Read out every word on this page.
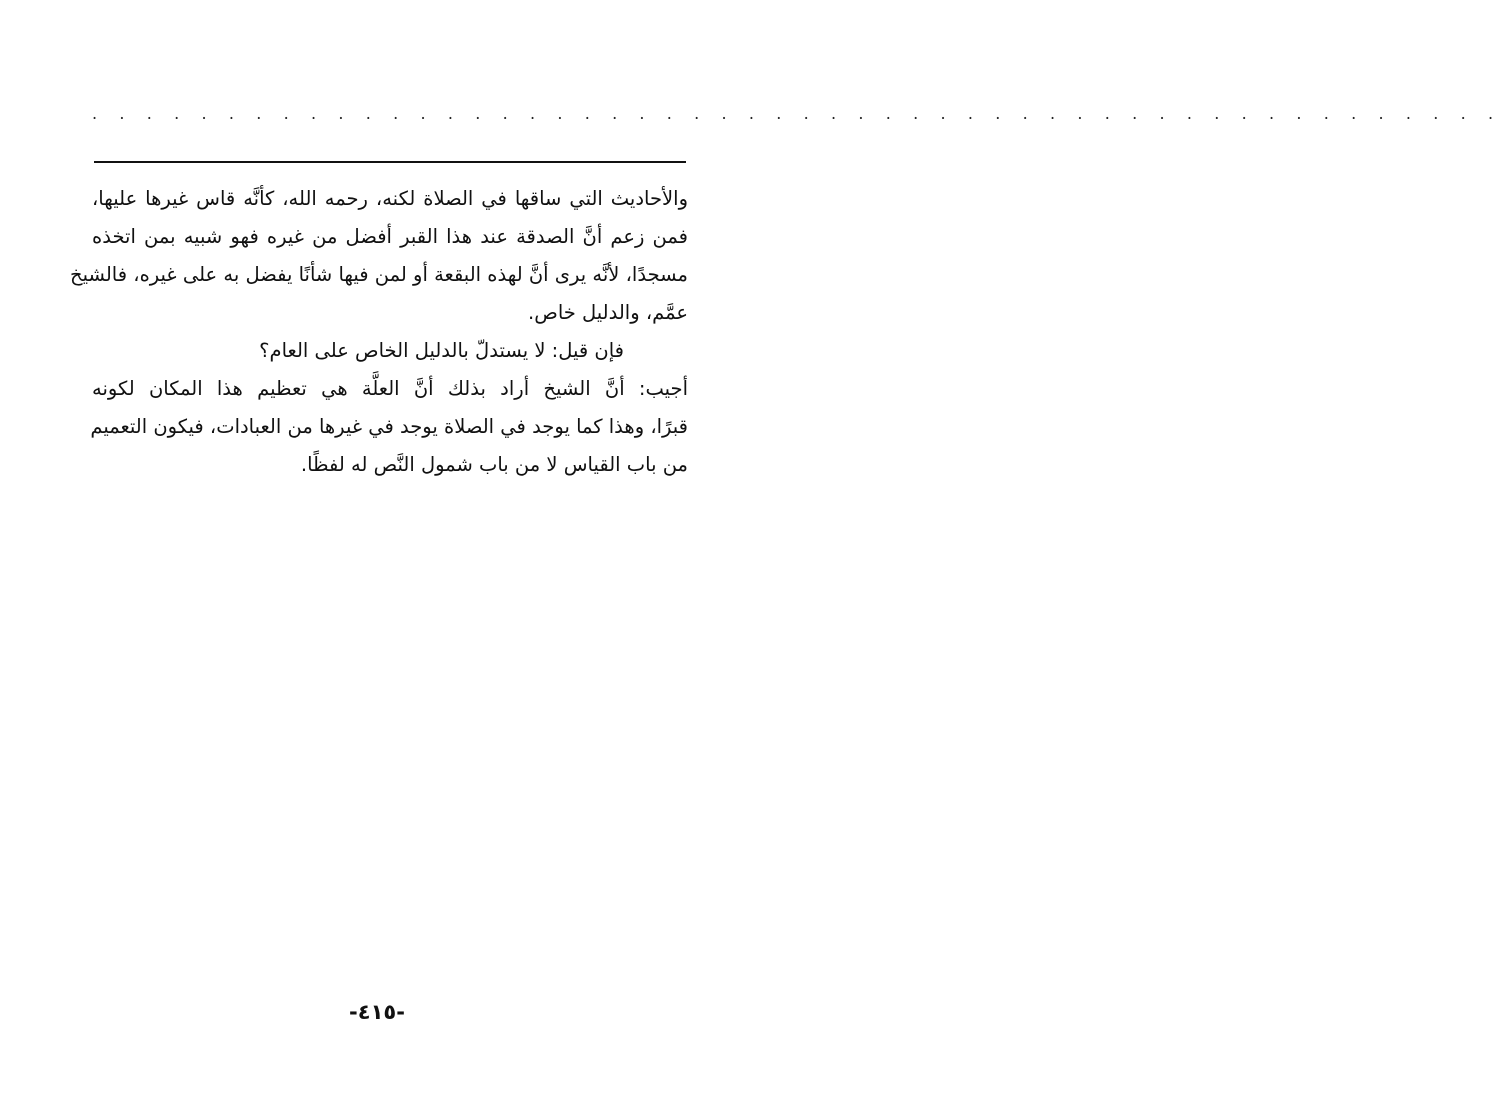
. . . . . . . . . . . . . . . . . . . . . . . . . . . . . . . . . . . . . . . . . . . . . . . . . . . .
والأحاديث التي ساقها في الصلاة لكنه، رحمه الله، كأنَّه قاس غيرها عليها،
فمن زعم أنَّ الصدقة عند هذا القبر أفضل من غيره فهو شبيه بمن اتخذه
مسجدًا، لأنَّه يرى أنَّ لهذه البقعة أو لمن فيها شأنًا يفضل به على غيره، فالشيخ
عمَّم، والدليل خاص.
فإن قيل: لا يستدلّ بالدليل الخاص على العام؟
أجيب: أنَّ الشيخ أراد بذلك أنَّ العلَّة هي تعظيم هذا المكان لكونه
قبرًا، وهذا كما يوجد في الصلاة يوجد في غيرها من العبادات، فيكون التعميم
من باب القياس لا من باب شمول النَّص له لفظًا.
-٤١٥-
